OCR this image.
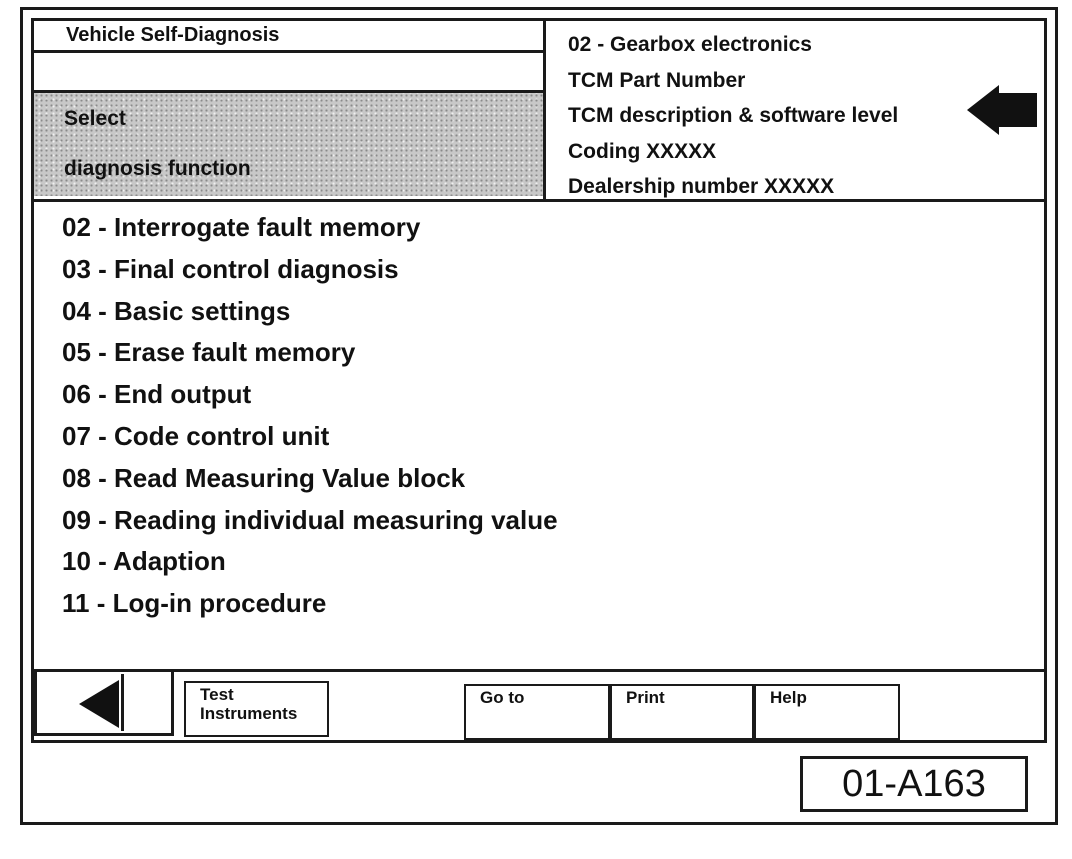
Vehicle Self-Diagnosis
Select
diagnosis function
02 - Gearbox electronics
TCM Part Number
TCM description & software level
Coding XXXXX
Dealership number XXXXX
02 - Interrogate fault memory
03 - Final control diagnosis
04 - Basic settings
05 - Erase fault memory
06 - End output
07 - Code control unit
08 - Read Measuring Value block
09 - Reading individual measuring value
10 - Adaption
11 - Log-in procedure
Test
Instruments
Go to	Print	Help
01-A163
